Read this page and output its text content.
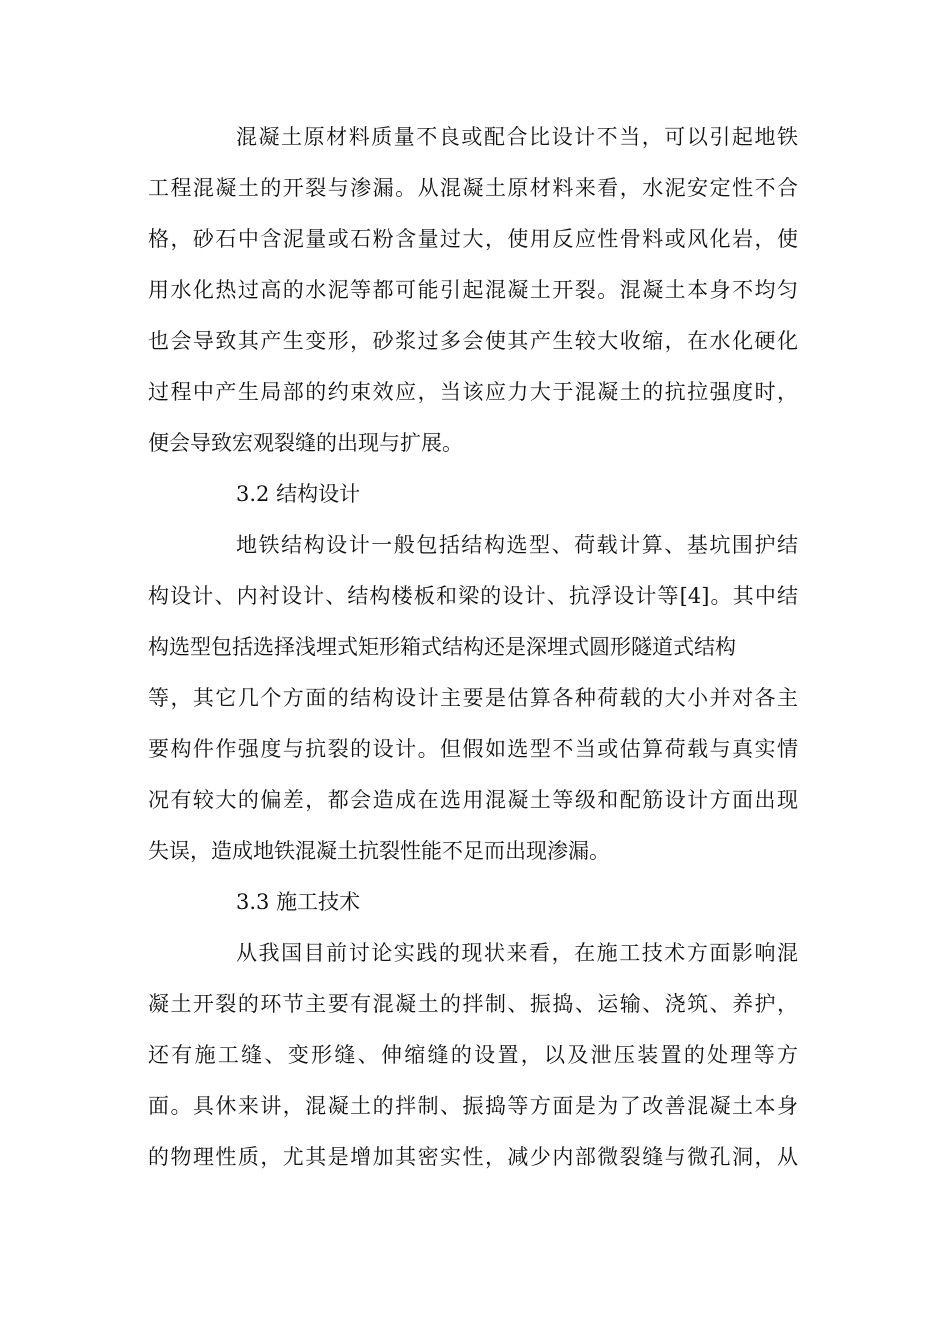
混凝土原材料质量不良或配合比设计不当，可以引起地铁
工程混凝土的开裂与渗漏。从混凝土原材料来看，水泥安定性不合
格，砂石中含泥量或石粉含量过大，使用反应性骨料或风化岩，使
用水化热过高的水泥等都可能引起混凝土开裂。混凝土本身不均匀
也会导致其产生变形，砂浆过多会使其产生较大收缩，在水化硬化
过程中产生局部的约束效应，当该应力大于混凝土的抗拉强度时，
便会导致宏观裂缝的出现与扩展。
3.2 结构设计
地铁结构设计一般包括结构选型、荷载计算、基坑围护结
构设计、内衬设计、结构楼板和梁的设计、抗浮设计等[4]。其中结
构选型包括选择浅埋式矩形箱式结构还是深埋式圆形隧道式结构
等，其它几个方面的结构设计主要是估算各种荷载的大小并对各主
要构件作强度与抗裂的设计。但假如选型不当或估算荷载与真实情
况有较大的偏差，都会造成在选用混凝土等级和配筋设计方面出现
失误，造成地铁混凝土抗裂性能不足而出现渗漏。
3.3 施工技术
从我国目前讨论实践的现状来看，在施工技术方面影响混
凝土开裂的环节主要有混凝土的拌制、振捣、运输、浇筑、养护，
还有施工缝、变形缝、伸缩缝的设置，以及泄压装置的处理等方
面。具休来讲，混凝土的拌制、振捣等方面是为了改善混凝土本身
的物理性质，尤其是增加其密实性，减少内部微裂缝与微孔洞，从
